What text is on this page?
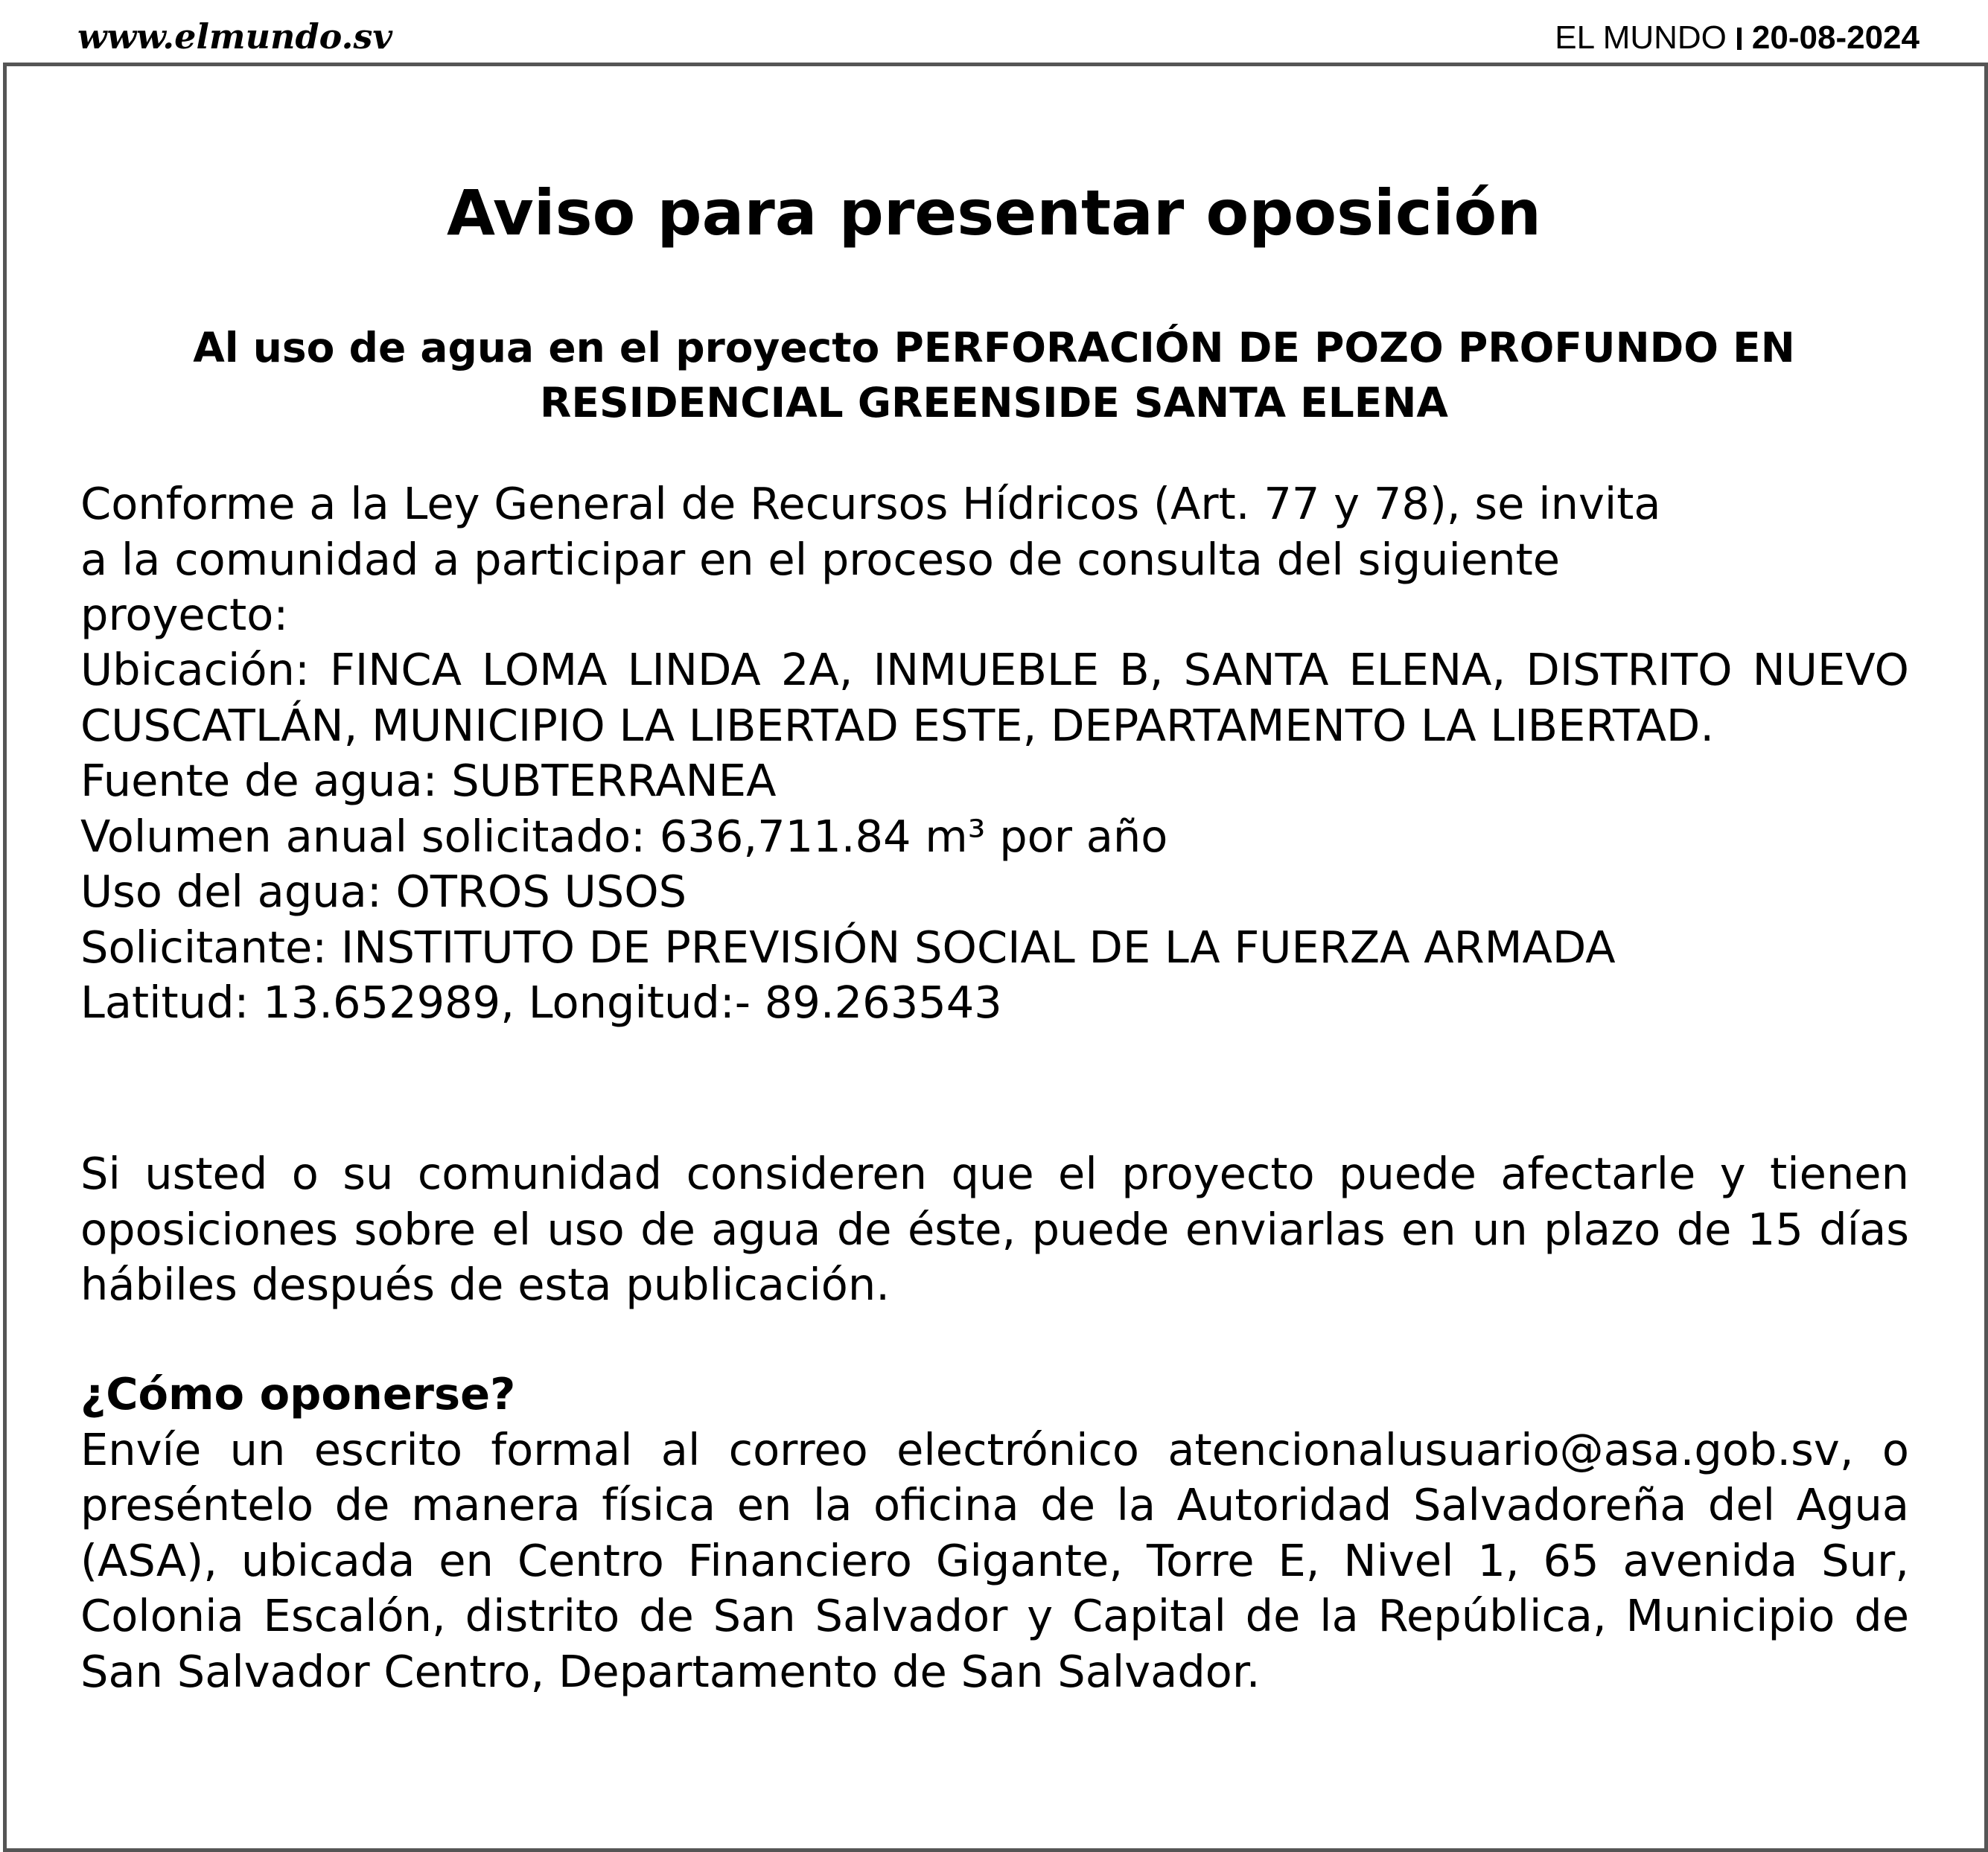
www.elmundo.sv	EL MUNDO 20-08-2024
Aviso para presentar oposición
Al uso de agua en el proyecto PERFORACIÓN DE POZO PROFUNDO EN
RESIDENCIAL GREENSIDE SANTA ELENA
Conforme a la Ley General de Recursos Hídricos (Art. 77 y 78), se invita
a la comunidad a participar en el proceso de consulta del siguiente
proyecto:
Ubicación: FINCA LOMA LINDA 2A, INMUEBLE B, SANTA ELENA, DISTRITO NUEVO CUSCATLÁN, MUNICIPIO LA LIBERTAD ESTE, DEPARTAMENTO LA LIBERTAD.
Fuente de agua: SUBTERRANEA
Volumen anual solicitado: 636,711.84 m³ por año
Uso del agua: OTROS USOS
Solicitante: INSTITUTO DE PREVISIÓN SOCIAL DE LA FUERZA ARMADA
Latitud: 13.652989, Longitud:- 89.263543
Si usted o su comunidad consideren que el proyecto puede afectarle y tienen oposiciones sobre el uso de agua de éste, puede enviarlas en un plazo de 15 días hábiles después de esta publicación.
¿Cómo oponerse?
Envíe un escrito formal al correo electrónico atencionalusuario@asa.gob.sv, o preséntelo de manera física en la oficina de la Autoridad Salvadoreña del Agua (ASA), ubicada en Centro Financiero Gigante, Torre E, Nivel 1, 65 avenida Sur, Colonia Escalón, distrito de San Salvador y Capital de la República, Municipio de San Salvador Centro, Departamento de San Salvador.
